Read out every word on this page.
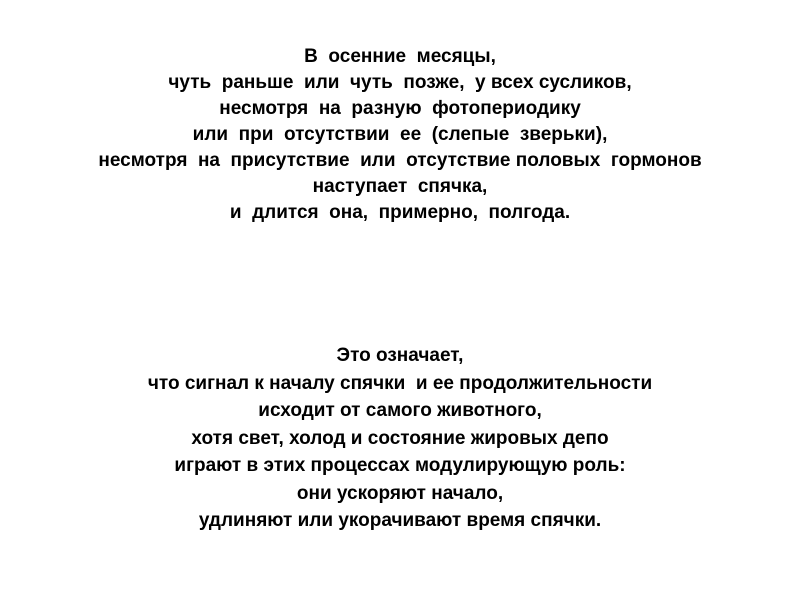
В  осенние  месяцы,
чуть  раньше  или  чуть  позже,  у всех сусликов,
несмотря  на  разную  фотопериодику
или  при  отсутствии  ее  (слепые  зверьки),
несмотря  на  присутствие  или  отсутствие половых  гормонов
наступает  спячка,
и  длится  она,  примерно,  полгода.
Это означает,
что сигнал к началу спячки  и ее продолжительности
исходит от самого животного,
хотя свет, холод и состояние жировых депо
играют в этих процессах модулирующую роль:
они ускоряют начало,
удлиняют или укорачивают время спячки.
